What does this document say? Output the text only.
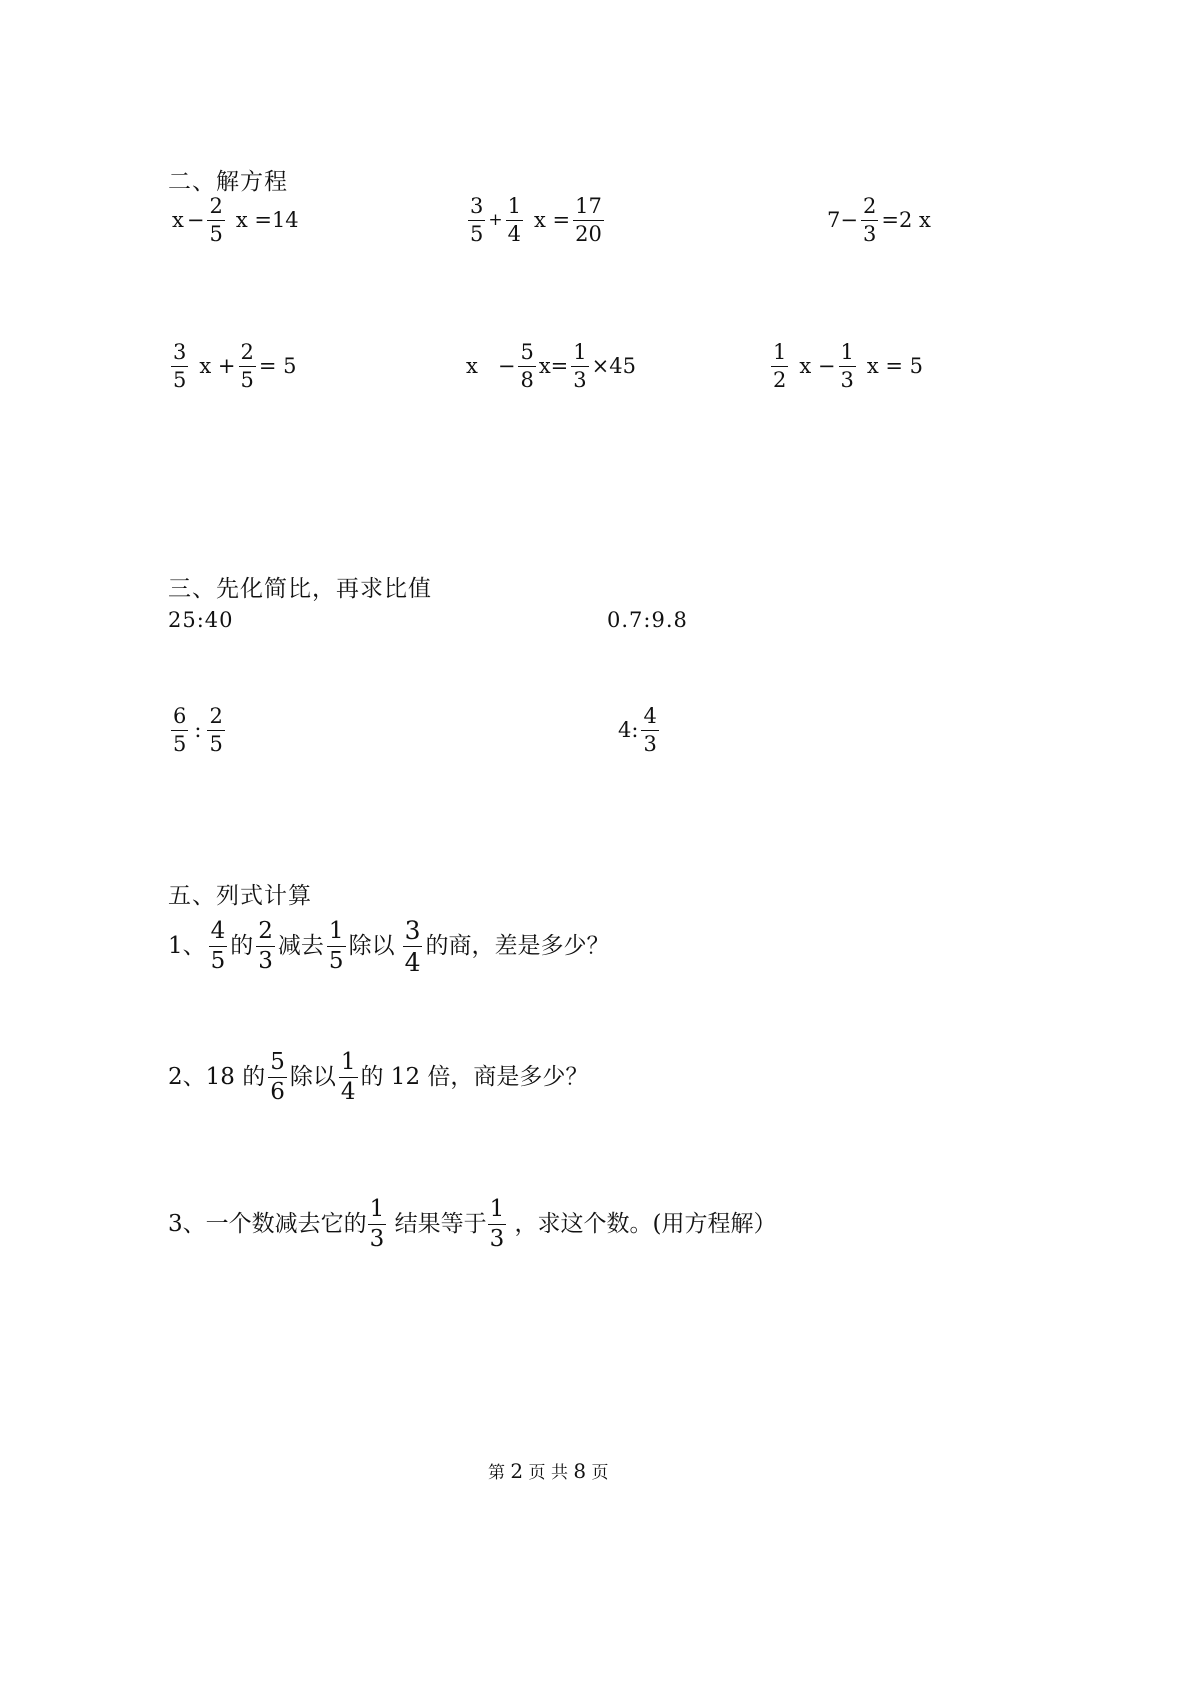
二、解方程
$x - \frac{2}{5}$ x =14	$\frac{3}{5} + \frac{1}{4}$ $x = \frac{17}{20}$	$7- \frac{2}{3} =2$ x
$\frac{3}{5}$ $x + \frac{2}{5} = 5$	$x - \frac{5}{8} x= \frac{1}{3} \times 45$	$\frac{1}{2}$ $x - \frac{1}{3}$ x = 5
三、先化简比，再求比值
25:40	0.7:9.8
$\frac{6}{5}$ : $\frac{2}{5}$	4: $\frac{4}{3}$
五、列式计算
1、 $\frac{4}{5}$ 的 $\frac{2}{3}$ 减去 $\frac{1}{5}$ 除以 $\frac{3}{4}$ 的商，差是多少？
2、18 的 $\frac{5}{6}$ 除以 $\frac{1}{4}$ 的 12 倍，商是多少？
3、一个数减去它的 $\frac{1}{3}$ 结果等于 $\frac{1}{3}$ ，求这个数。(用方程解）
第 2 页 共 8 页
